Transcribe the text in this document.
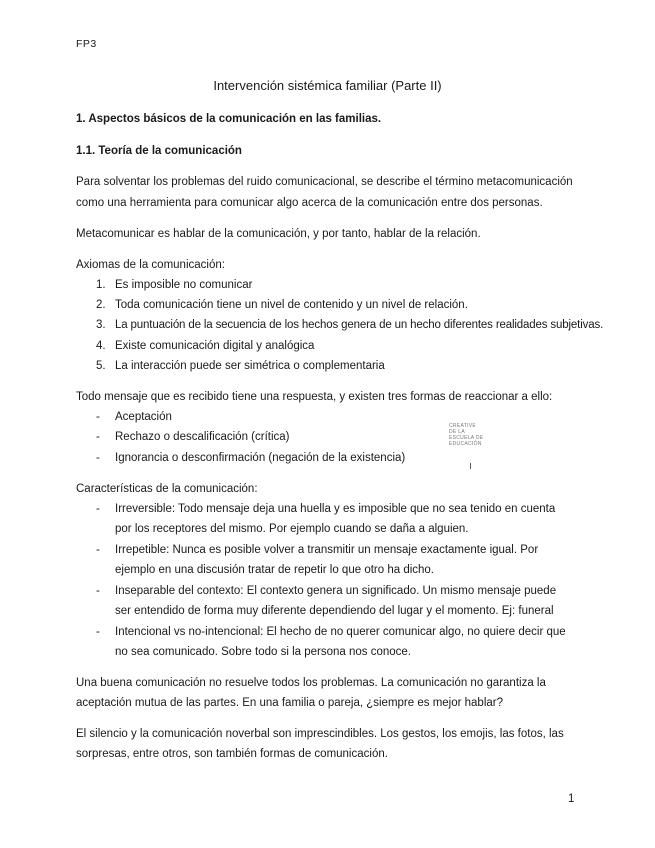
FP3
Intervención sistémica familiar (Parte II)
1. Aspectos básicos de la comunicación en las familias.
1.1. Teoría de la comunicación
Para solventar los problemas del ruido comunicacional, se describe el término metacomunicación
como una herramienta para comunicar algo acerca de la comunicación entre dos personas.
Metacomunicar es hablar de la comunicación, y por tanto, hablar de la relación.
Axiomas de la comunicación:
1. Es imposible no comunicar
2. Toda comunicación tiene un nivel de contenido y un nivel de relación.
3. La puntuación de la secuencia de los hechos genera de un hecho diferentes realidades subjetivas.
4. Existe comunicación digital y analógica
5. La interacción puede ser simétrica o complementaria
Todo mensaje que es recibido tiene una respuesta, y existen tres formas de reaccionar a ello:
- Aceptación
- Rechazo o descalificación (crítica)
- Ignorancia o desconfirmación (negación de la existencia)
CREATIVE
DE LA
ESCUELA DE
EDUCACIÓN
Características de la comunicación:
- Irreversible: Todo mensaje deja una huella y es imposible que no sea tenido en cuenta
por los receptores del mismo. Por ejemplo cuando se daña a alguien.
- Irrepetible: Nunca es posible volver a transmitir un mensaje exactamente igual. Por
ejemplo en una discusión tratar de repetir lo que otro ha dicho.
- Inseparable del contexto: El contexto genera un significado. Un mismo mensaje puede
ser entendido de forma muy diferente dependiendo del lugar y el momento. Ej: funeral
- Intencional vs no-intencional: El hecho de no querer comunicar algo, no quiere decir que
no sea comunicado. Sobre todo si la persona nos conoce.
Una buena comunicación no resuelve todos los problemas. La comunicación no garantiza la
aceptación mutua de las partes. En una familia o pareja, ¿siempre es mejor hablar?
El silencio y la comunicación noverbal son imprescindibles. Los gestos, los emojis, las fotos, las
sorpresas, entre otros, son también formas de comunicación.
1
